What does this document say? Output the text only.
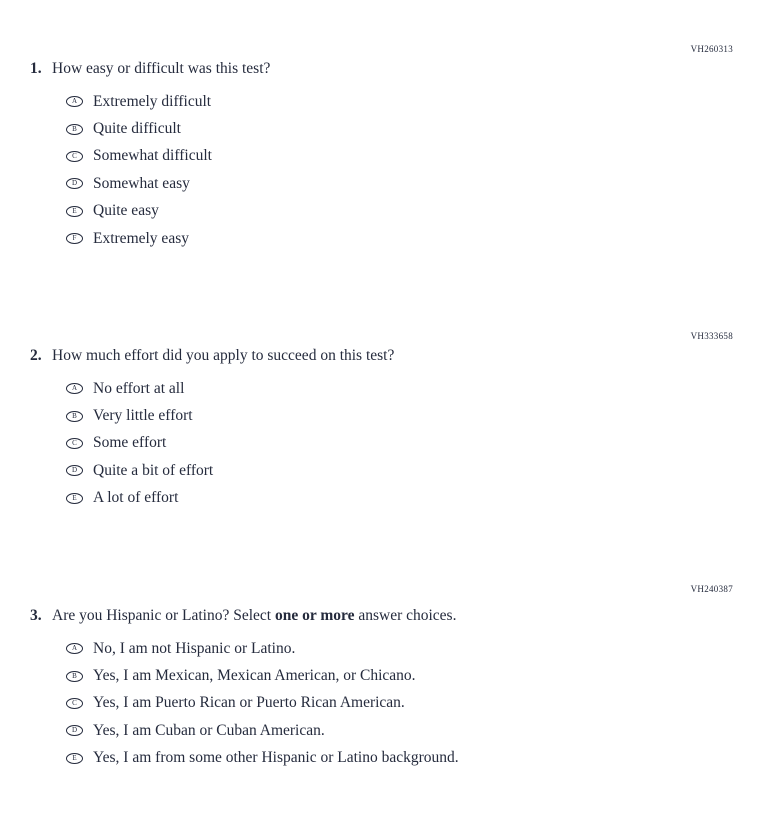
VH260313
1. How easy or difficult was this test?
A	Extremely difficult
B	Quite difficult
C	Somewhat difficult
D	Somewhat easy
E	Quite easy
F	Extremely easy
VH333658
2. How much effort did you apply to succeed on this test?
A	No effort at all
B	Very little effort
C	Some effort
D	Quite a bit of effort
E	A lot of effort
VH240387
3. Are you Hispanic or Latino? Select one or more answer choices.
A	No, I am not Hispanic or Latino.
B	Yes, I am Mexican, Mexican American, or Chicano.
C	Yes, I am Puerto Rican or Puerto Rican American.
D	Yes, I am Cuban or Cuban American.
E	Yes, I am from some other Hispanic or Latino background.
